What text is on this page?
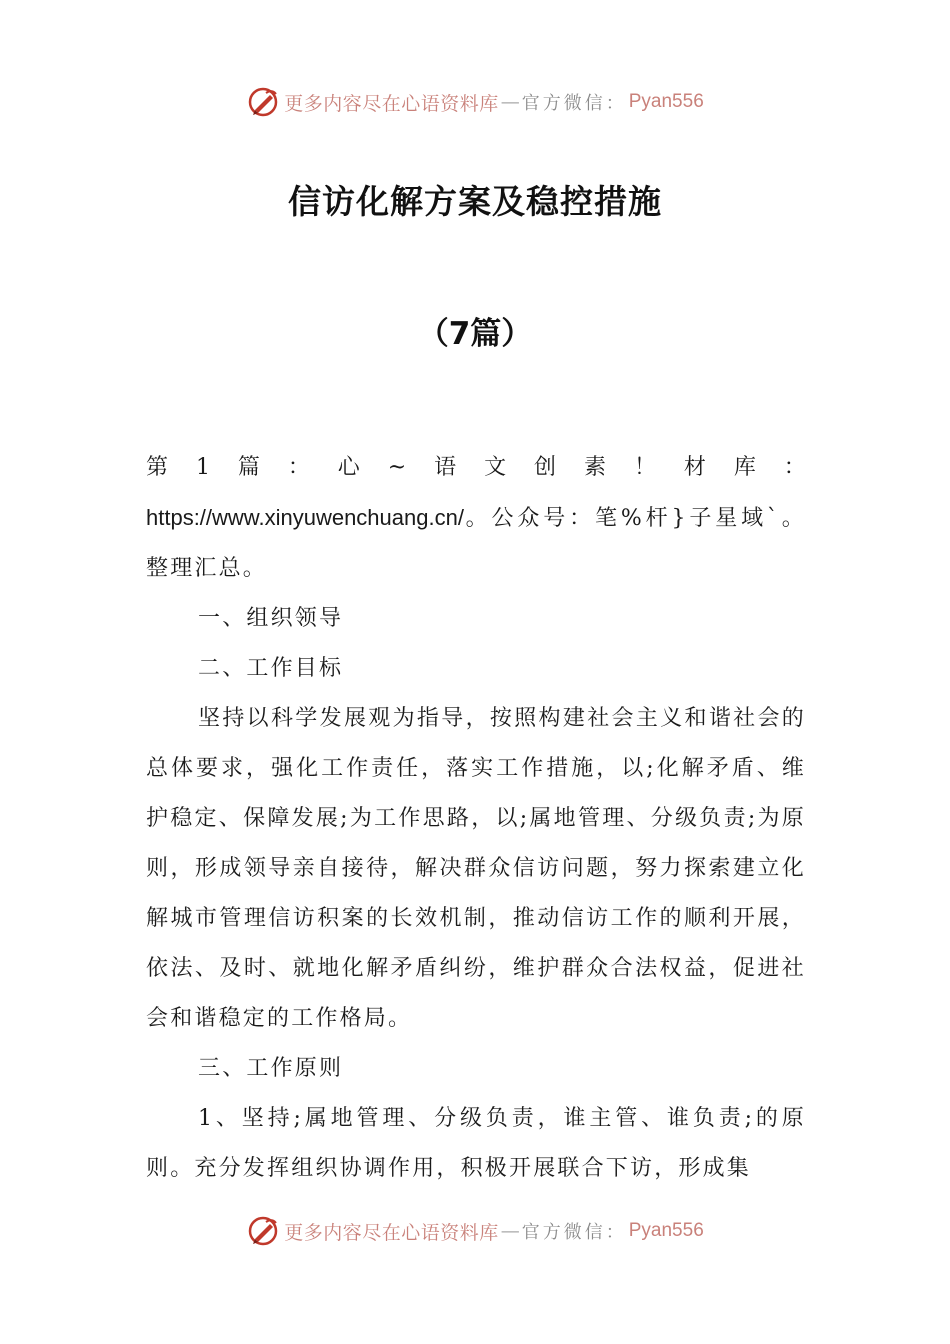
更多内容尽在心语资料库 — 官方微信： Pyan556
信访化解方案及稳控措施
（7篇）
第 1 篇 ： 心 ~ 语 文 创 素 ！ 材 库 ：

https://www.xinyuwenchuang.cn/。公众号：笔%杆}子星域`。整理汇总。

一、组织领导

二、工作目标

坚持以科学发展观为指导，按照构建社会主义和谐社会的总体要求，强化工作责任，落实工作措施，以;化解矛盾、维护稳定、保障发展;为工作思路，以;属地管理、分级负责;为原则，形成领导亲自接待，解决群众信访问题，努力探索建立化解城市管理信访积案的长效机制，推动信访工作的顺利开展，依法、及时、就地化解矛盾纠纷，维护群众合法权益，促进社会和谐稳定的工作格局。

三、工作原则

1、坚持;属地管理、分级负责，谁主管、谁负责;的原则。充分发挥组织协调作用，积极开展联合下访，形成集

更多内容尽在心语资料库 — 官方微信： Pyan556
